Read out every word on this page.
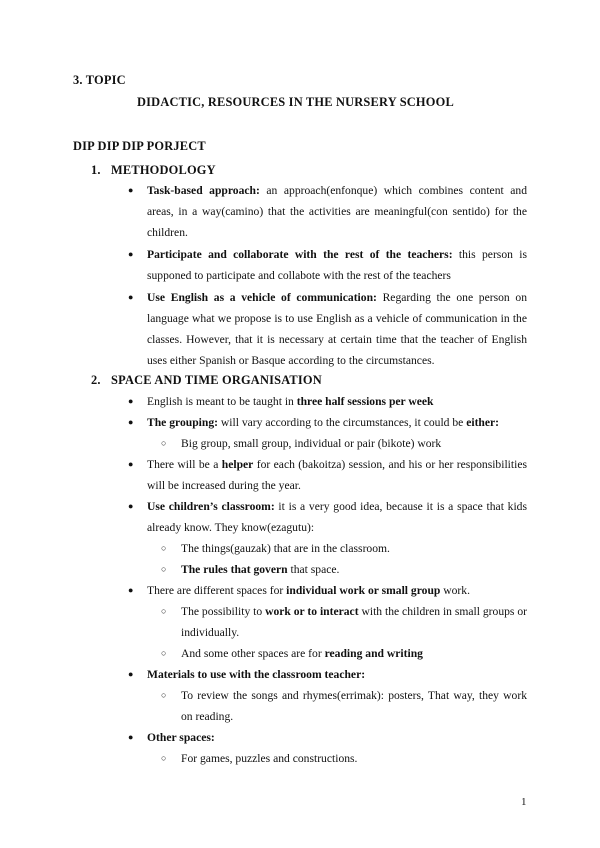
3. TOPIC
DIDACTIC, RESOURCES IN THE NURSERY SCHOOL
DIP DIP DIP PORJECT
1. METHODOLOGY
● Task-based approach: an approach(enfonque) which combines content and areas, in a way(camino) that the activities are meaningful(con sentido) for the children.
● Participate and collaborate with the rest of the teachers: this person is supponed to participate and collabote with the rest of the teachers
● Use English as a vehicle of communication: Regarding the one person on language what we propose is to use English as a vehicle of communication in the classes. However, that it is necessary at certain time that the teacher of English uses either Spanish or Basque according to the circumstances.
2. SPACE AND TIME ORGANISATION
● English is meant to be taught in three half sessions per week
● The grouping: will vary according to the circumstances, it could be either:
○ Big group, small group, individual or pair (bikote) work
● There will be a helper for each (bakoitza) session, and his or her responsibilities will be increased during the year.
● Use children’s classroom: it is a very good idea, because it is a space that kids already know. They know(ezagutu):
○ The things(gauzak) that are in the classroom.
○ The rules that govern that space.
● There are different spaces for individual work or small group work.
○ The possibility to work or to interact with the children in small groups or individually.
○ And some other spaces are for reading and writing
● Materials to use with the classroom teacher:
○ To review the songs and rhymes(errimak): posters, That way, they work on reading.
● Other spaces:
○ For games, puzzles and constructions.
1
